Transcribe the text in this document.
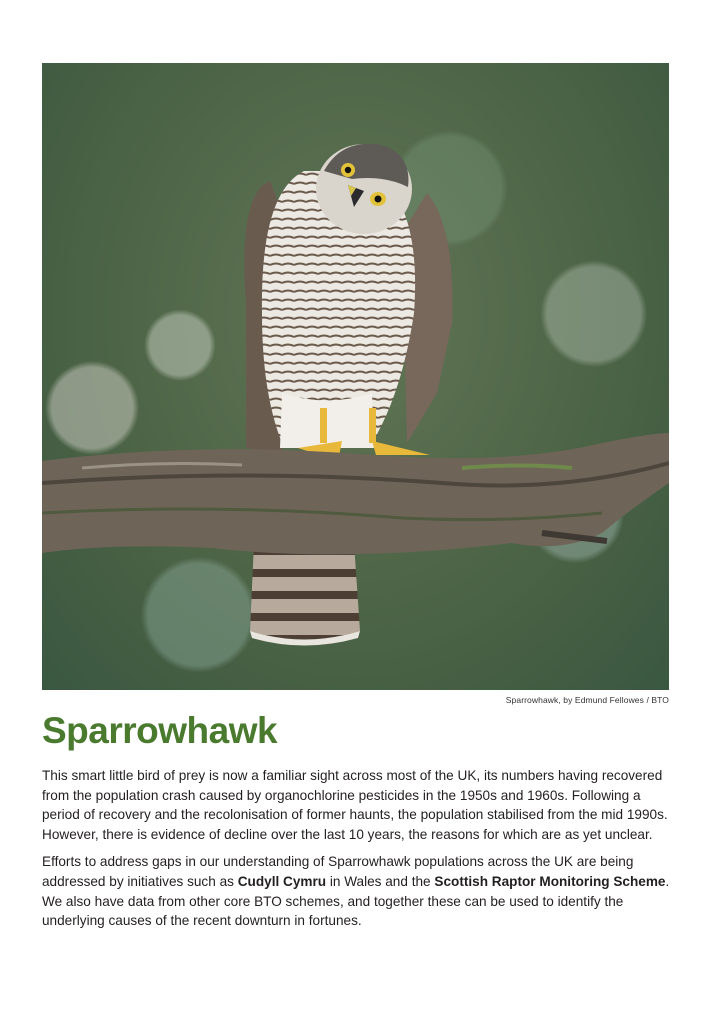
Sparrowhawk, by Edmund Fellowes / BTO
Sparrowhawk

This smart little bird of prey is now a familiar sight across most of the UK, its numbers having recovered from the population crash caused by organochlorine pesticides in the 1950s and 1960s. Following a period of recovery and the recolonisation of former haunts, the population stabilised from the mid 1990s. However, there is evidence of decline over the last 10 years, the reasons for which are as yet unclear.

Efforts to address gaps in our understanding of Sparrowhawk populations across the UK are being addressed by initiatives such as Cudyll Cymru in Wales and the Scottish Raptor Monitoring Scheme. We also have data from other core BTO schemes, and together these can be used to identify the underlying causes of the recent downturn in fortunes.
